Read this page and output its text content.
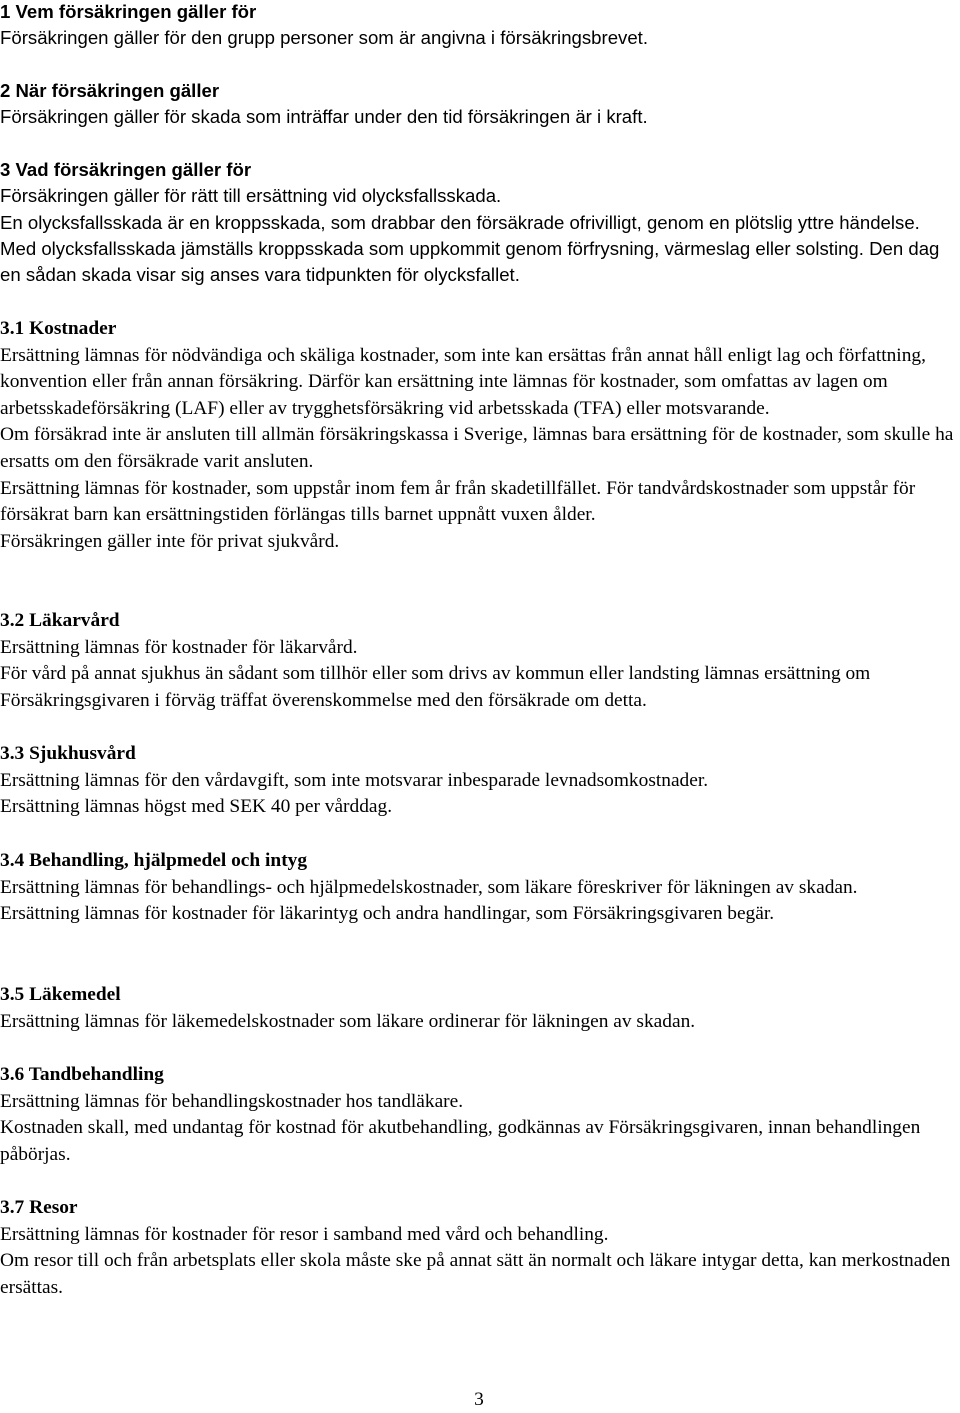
1 Vem försäkringen gäller för

Försäkringen gäller för den grupp personer som är angivna i försäkringsbrevet.

2 När försäkringen gäller

Försäkringen gäller för skada som inträffar under den tid försäkringen är i kraft.

3 Vad försäkringen gäller för

Försäkringen gäller för rätt till ersättning vid olycksfallsskada.

En olycksfallsskada är en kroppsskada, som drabbar den försäkrade ofrivilligt, genom en plötslig yttre händelse. Med olycksfallsskada jämställs kroppsskada som uppkommit genom förfrysning, värmeslag eller solsting. Den dag en sådan skada visar sig anses vara tidpunkten för olycksfallet.

3.1 Kostnader

Ersättning lämnas för nödvändiga och skäliga kostnader, som inte kan ersättas från annat håll enligt lag och författning, konvention eller från annan försäkring. Därför kan ersättning inte lämnas för kostnader, som omfattas av lagen om arbetsskadeförsäkring (LAF) eller av trygghetsförsäkring vid arbetsskada (TFA) eller motsvarande.

Om försäkrad inte är ansluten till allmän försäkringskassa i Sverige, lämnas bara ersättning för de kostnader, som skulle ha ersatts om den försäkrade varit ansluten.

Ersättning lämnas för kostnader, som uppstår inom fem år från skadetillfället. För tandvårdskostnader som uppstår för försäkrat barn kan ersättningstiden förlängas tills barnet uppnått vuxen ålder.

Försäkringen gäller inte för privat sjukvård.

3.2 Läkarvård

Ersättning lämnas för kostnader för läkarvård.

För vård på annat sjukhus än sådant som tillhör eller som drivs av kommun eller landsting lämnas ersättning om Försäkringsgivaren i förväg träffat överenskommelse med den försäkrade om detta.

3.3 Sjukhusvård

Ersättning lämnas för den vårdavgift, som inte motsvarar inbesparade levnadsomkostnader.

Ersättning lämnas högst med SEK 40 per vårddag.

3.4 Behandling, hjälpmedel och intyg

Ersättning lämnas för behandlings- och hjälpmedelskostnader, som läkare föreskriver för läkningen av skadan.

Ersättning lämnas för kostnader för läkarintyg och andra handlingar, som Försäkringsgivaren begär.

3.5 Läkemedel

Ersättning lämnas för läkemedelskostnader som läkare ordinerar för läkningen av skadan.

3.6 Tandbehandling

Ersättning lämnas för behandlingskostnader hos tandläkare.

Kostnaden skall, med undantag för kostnad för akutbehandling, godkännas av Försäkringsgivaren, innan behandlingen påbörjas.

3.7 Resor

Ersättning lämnas för kostnader för resor i samband med vård och behandling.

Om resor till och från arbetsplats eller skola måste ske på annat sätt än normalt och läkare intygar detta, kan merkostnaden ersättas.

3
